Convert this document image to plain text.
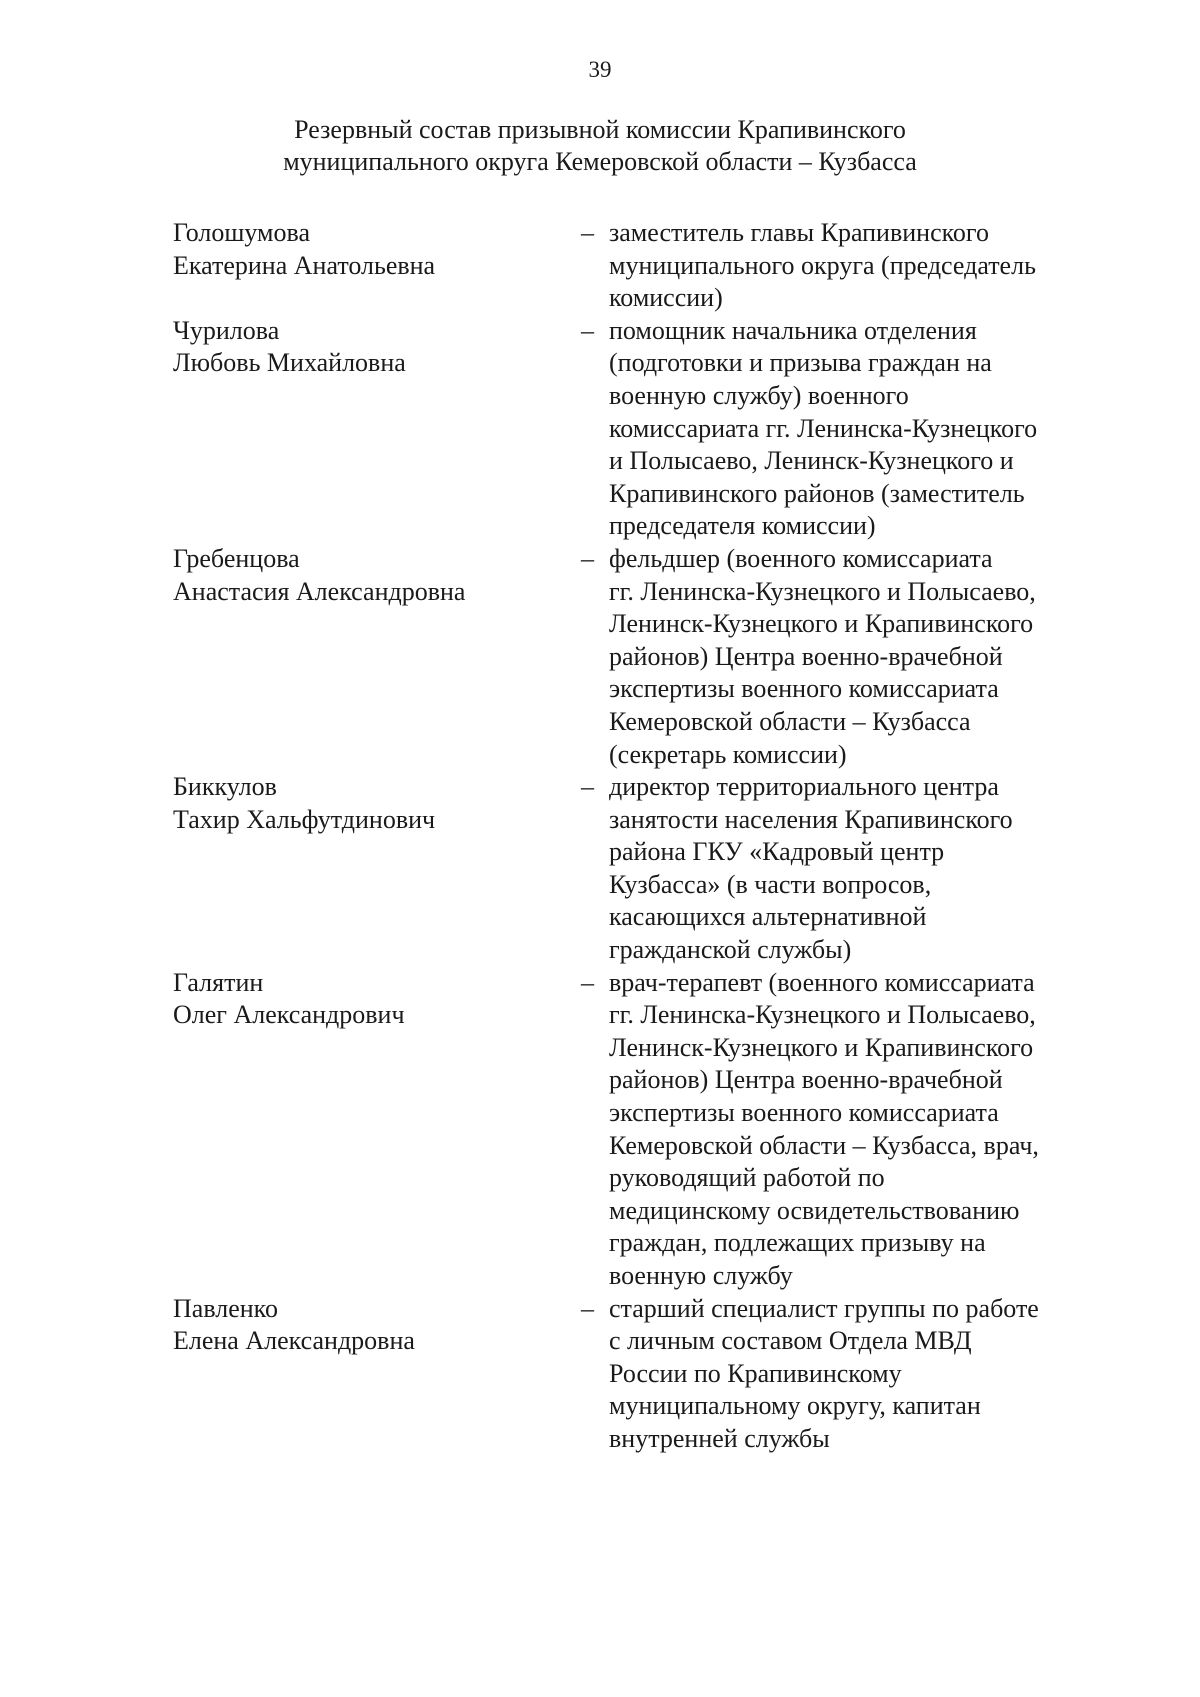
39
Резервный состав призывной комиссии Крапивинского
муниципального округа Кемеровской области – Кузбасса
Голошумова
Екатерина Анатольевна
– заместитель главы Крапивинского
муниципального округа (председатель
комиссии)
Чурилова
Любовь Михайловна
– помощник начальника отделения
(подготовки и призыва граждан на
военную службу) военного
комиссариата гг. Ленинска-Кузнецкого
и Полысаево, Ленинск-Кузнецкого и
Крапивинского районов (заместитель
председателя комиссии)
Гребенцова
Анастасия Александровна
– фельдшер (военного комиссариата
гг. Ленинска-Кузнецкого и Полысаево,
Ленинск-Кузнецкого и Крапивинского
районов) Центра военно-врачебной
экспертизы военного комиссариата
Кемеровской области – Кузбасса
(секретарь комиссии)
Биккулов
Тахир Хальфутдинович
– директор территориального центра
занятости населения Крапивинского
района ГКУ «Кадровый центр
Кузбасса» (в части вопросов,
касающихся альтернативной
гражданской службы)
Галятин
Олег Александрович
– врач-терапевт (военного комиссариата
гг. Ленинска-Кузнецкого и Полысаево,
Ленинск-Кузнецкого и Крапивинского
районов) Центра военно-врачебной
экспертизы военного комиссариата
Кемеровской области – Кузбасса, врач,
руководящий работой по
медицинскому освидетельствованию
граждан, подлежащих призыву на
военную службу
Павленко
Елена Александровна
– старший специалист группы по работе
с личным составом Отдела МВД
России по Крапивинскому
муниципальному округу, капитан
внутренней службы
